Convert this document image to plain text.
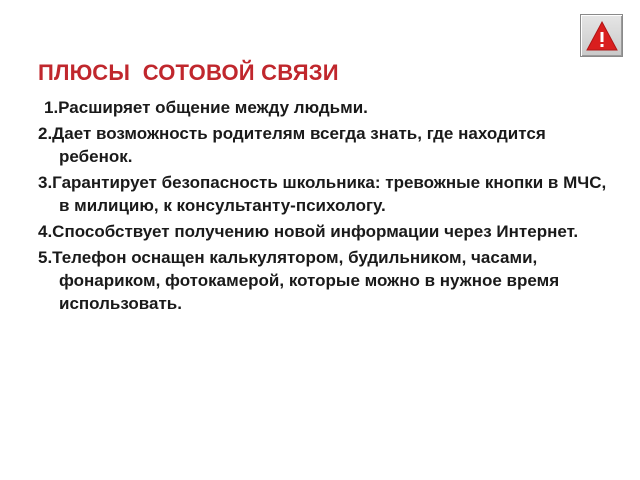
ПЛЮСЫ  СОТОВОЙ СВЯЗИ
1.Расширяет общение между людьми.
2.Дает возможность родителям всегда знать, где находится ребенок.
3.Гарантирует безопасность школьника: тревожные кнопки в МЧС, в милицию, к консультанту-психологу.
4.Способствует получению новой информации через Интернет.
5.Телефон оснащен калькулятором, будильником, часами, фонариком, фотокамерой, которые можно в нужное время использовать.
